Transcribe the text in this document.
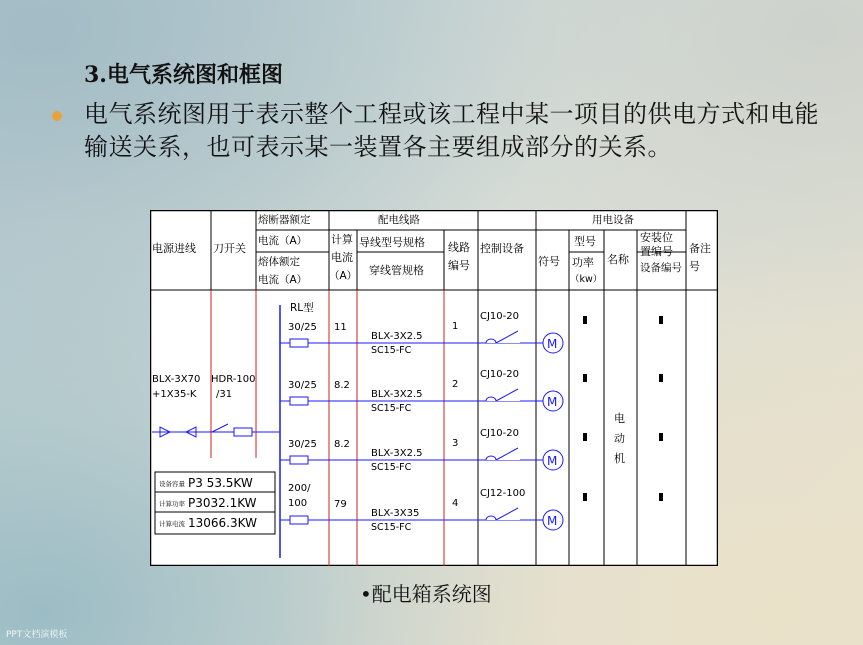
3.电气系统图和框图
电气系统图用于表示整个工程或该工程中某一项目的供电方式和电能输送关系，也可表示某一装置各主要组成部分的关系。
电源进线 刀开关
熔断器额定
电流（A）
熔体额定
电流（A）
计算
电流
（A）
配电线路
导线型号规格
穿线管规格
线路
编号
控制设备
用电设备
符号
型号
功率
（kw）
名称
安装位
置编号
设备编号
备注
号
BLX-3X70
+1X35-K
HDR-100
/31
RL型
30/25 11
BLX-3X2.5
SC15-FC
1
CJ10-20
M
30/25 8.2
BLX-3X2.5
SC15-FC
2
CJ10-20
M
30/25 8.2
BLX-3X2.5
SC15-FC
3
CJ10-20
M
200/
100	79
BLX-3X35
SC15-FC
4
CJ12-100
M
设备容量 P3 53.5KW
计算功率 P3032.1KW
计算电流 13066.3KW
电
动
机
•配电箱系统图
PPT文档演模板
